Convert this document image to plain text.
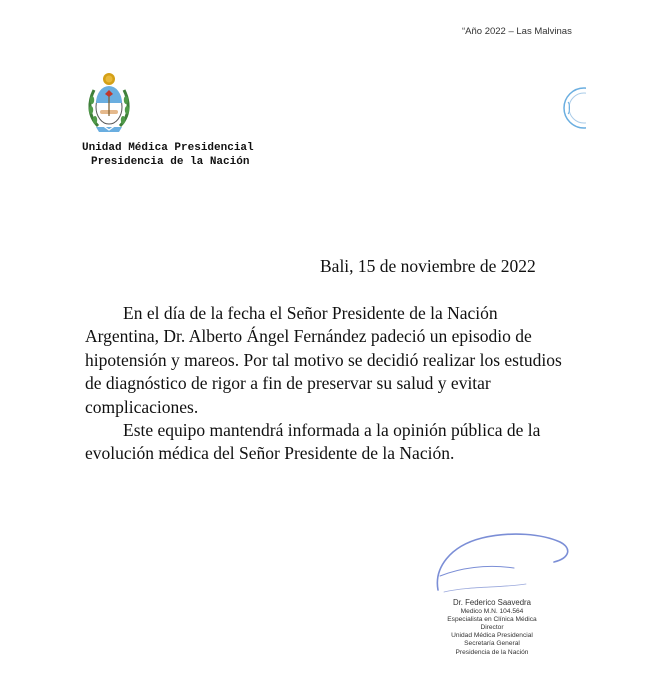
“Año 2022 – Las Malvinas
Unidad Médica Presidencial
Presidencia de la Nación
Bali, 15 de noviembre de 2022

En el día de la fecha el Señor Presidente de la Nación Argentina, Dr. Alberto Ángel Fernández padeció un episodio de hipotensión y mareos. Por tal motivo se decidió realizar los estudios de diagnóstico de rigor a fin de preservar su salud y evitar complicaciones.

Este equipo mantendrá informada a la opinión pública de la evolución médica del Señor Presidente de la Nación.

Dr. Federico Saavedra
Medico M.N. 104.564
Especialista en Clínica Médica
Director
Unidad Médica Presidencial
Secretaría General
Presidencia de la Nación
